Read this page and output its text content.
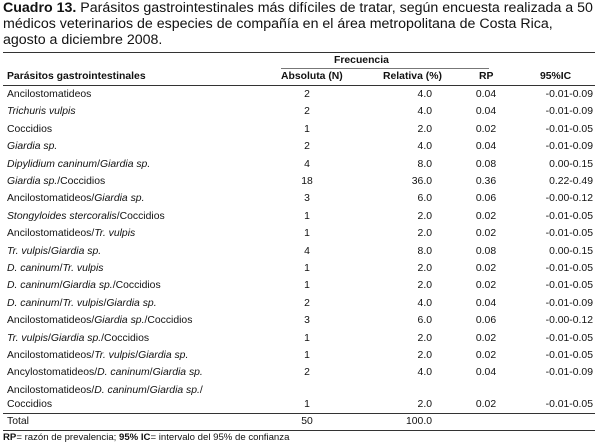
Cuadro 13. Parásitos gastrointestinales más difíciles de tratar, según encuesta realizada a 50 médicos veterinarios de especies de compañía en el área metropolitana de Costa Rica, agosto a diciembre 2008.
Frecuencia
Parásitos gastrointestinales	Absoluta (N)	Relativa (%)	RP	95%IC
Ancilostomatideos	2	4.0	0.04	-0.01-0.09
Trichuris vulpis	2	4.0	0.04	-0.01-0.09
Coccidios	1	2.0	0.02	-0.01-0.05
Giardia sp.	2	4.0	0.04	-0.01-0.09
Dipylidium caninum/Giardia sp.	4	8.0	0.08	0.00-0.15
Giardia sp./Coccidios	18	36.0	0.36	0.22-0.49
Ancilostomatideos/Giardia sp.	3	6.0	0.06	-0.00-0.12
Stongyloides stercoralis/Coccidios	1	2.0	0.02	-0.01-0.05
Ancilostomatideos/Tr. vulpis	1	2.0	0.02	-0.01-0.05
Tr. vulpis/Giardia sp.	4	8.0	0.08	0.00-0.15
D. caninum/Tr. vulpis	1	2.0	0.02	-0.01-0.05
D. caninum/Giardia sp./Coccidios	1	2.0	0.02	-0.01-0.05
D. caninum/Tr. vulpis/Giardia sp.	2	4.0	0.04	-0.01-0.09
Ancilostomatideos/Giardia sp./Coccidios	3	6.0	0.06	-0.00-0.12
Tr. vulpis/Giardia sp./Coccidios	1	2.0	0.02	-0.01-0.05
Ancilostomatideos/Tr. vulpis/Giardia sp.	1	2.0	0.02	-0.01-0.05
Ancylostomatideos/D. caninum/Giardia sp.	2	4.0	0.04	-0.01-0.09
Ancilostomatideos/D. caninum/Giardia sp./
Coccidios	1	2.0	0.02	-0.01-0.05
Total	50	100.0
RP= razón de prevalencia; 95% IC= intervalo del 95% de confianza
